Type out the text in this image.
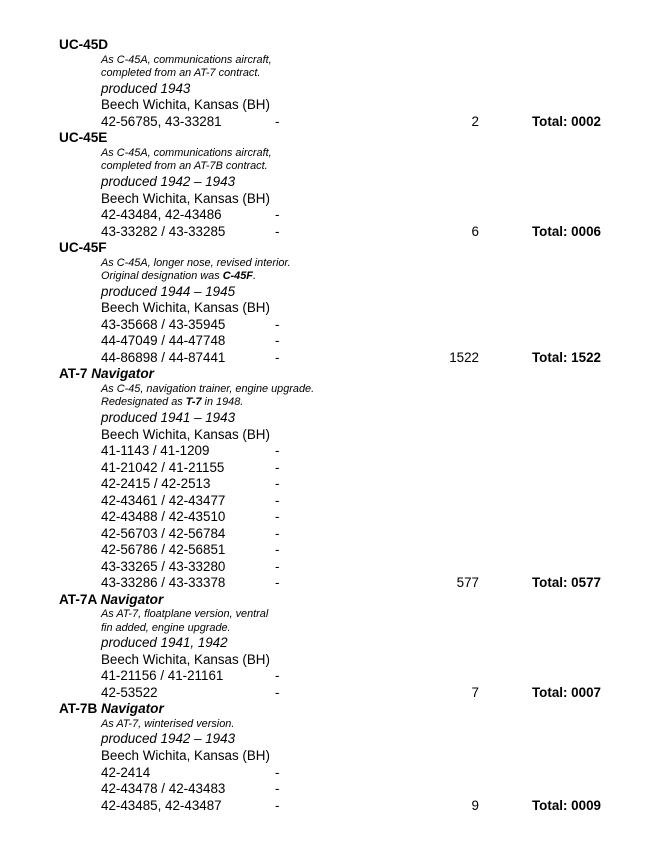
UC-45D
As C-45A, communications aircraft,
completed from an AT-7 contract.
produced 1943
Beech Wichita, Kansas (BH)
42-56785, 43-33281	-	2	Total: 0002
UC-45E
As C-45A, communications aircraft,
completed from an AT-7B contract.
produced 1942 – 1943
Beech Wichita, Kansas (BH)
42-43484, 42-43486	-
43-33282 / 43-33285	-	6	Total: 0006
UC-45F
As C-45A, longer nose, revised interior.
Original designation was C-45F.
produced 1944 – 1945
Beech Wichita, Kansas (BH)
43-35668 / 43-35945	-
44-47049 / 44-47748	-
44-86898 / 44-87441	-	1522	Total: 1522
AT-7 Navigator
As C-45, navigation trainer, engine upgrade.
Redesignated as T-7 in 1948.
produced 1941 – 1943
Beech Wichita, Kansas (BH)
41-1143 / 41-1209	-
41-21042 / 41-21155	-
42-2415 / 42-2513	-
42-43461 / 42-43477	-
42-43488 / 42-43510	-
42-56703 / 42-56784	-
42-56786 / 42-56851	-
43-33265 / 43-33280	-
43-33286 / 43-33378	-	577	Total: 0577
AT-7A Navigator
As AT-7, floatplane version, ventral
fin added, engine upgrade.
produced 1941, 1942
Beech Wichita, Kansas (BH)
41-21156 / 41-21161	-
42-53522	-	7	Total: 0007
AT-7B Navigator
As AT-7, winterised version.
produced 1942 – 1943
Beech Wichita, Kansas (BH)
42-2414	-
42-43478 / 42-43483	-
42-43485, 42-43487	-	9	Total: 0009
